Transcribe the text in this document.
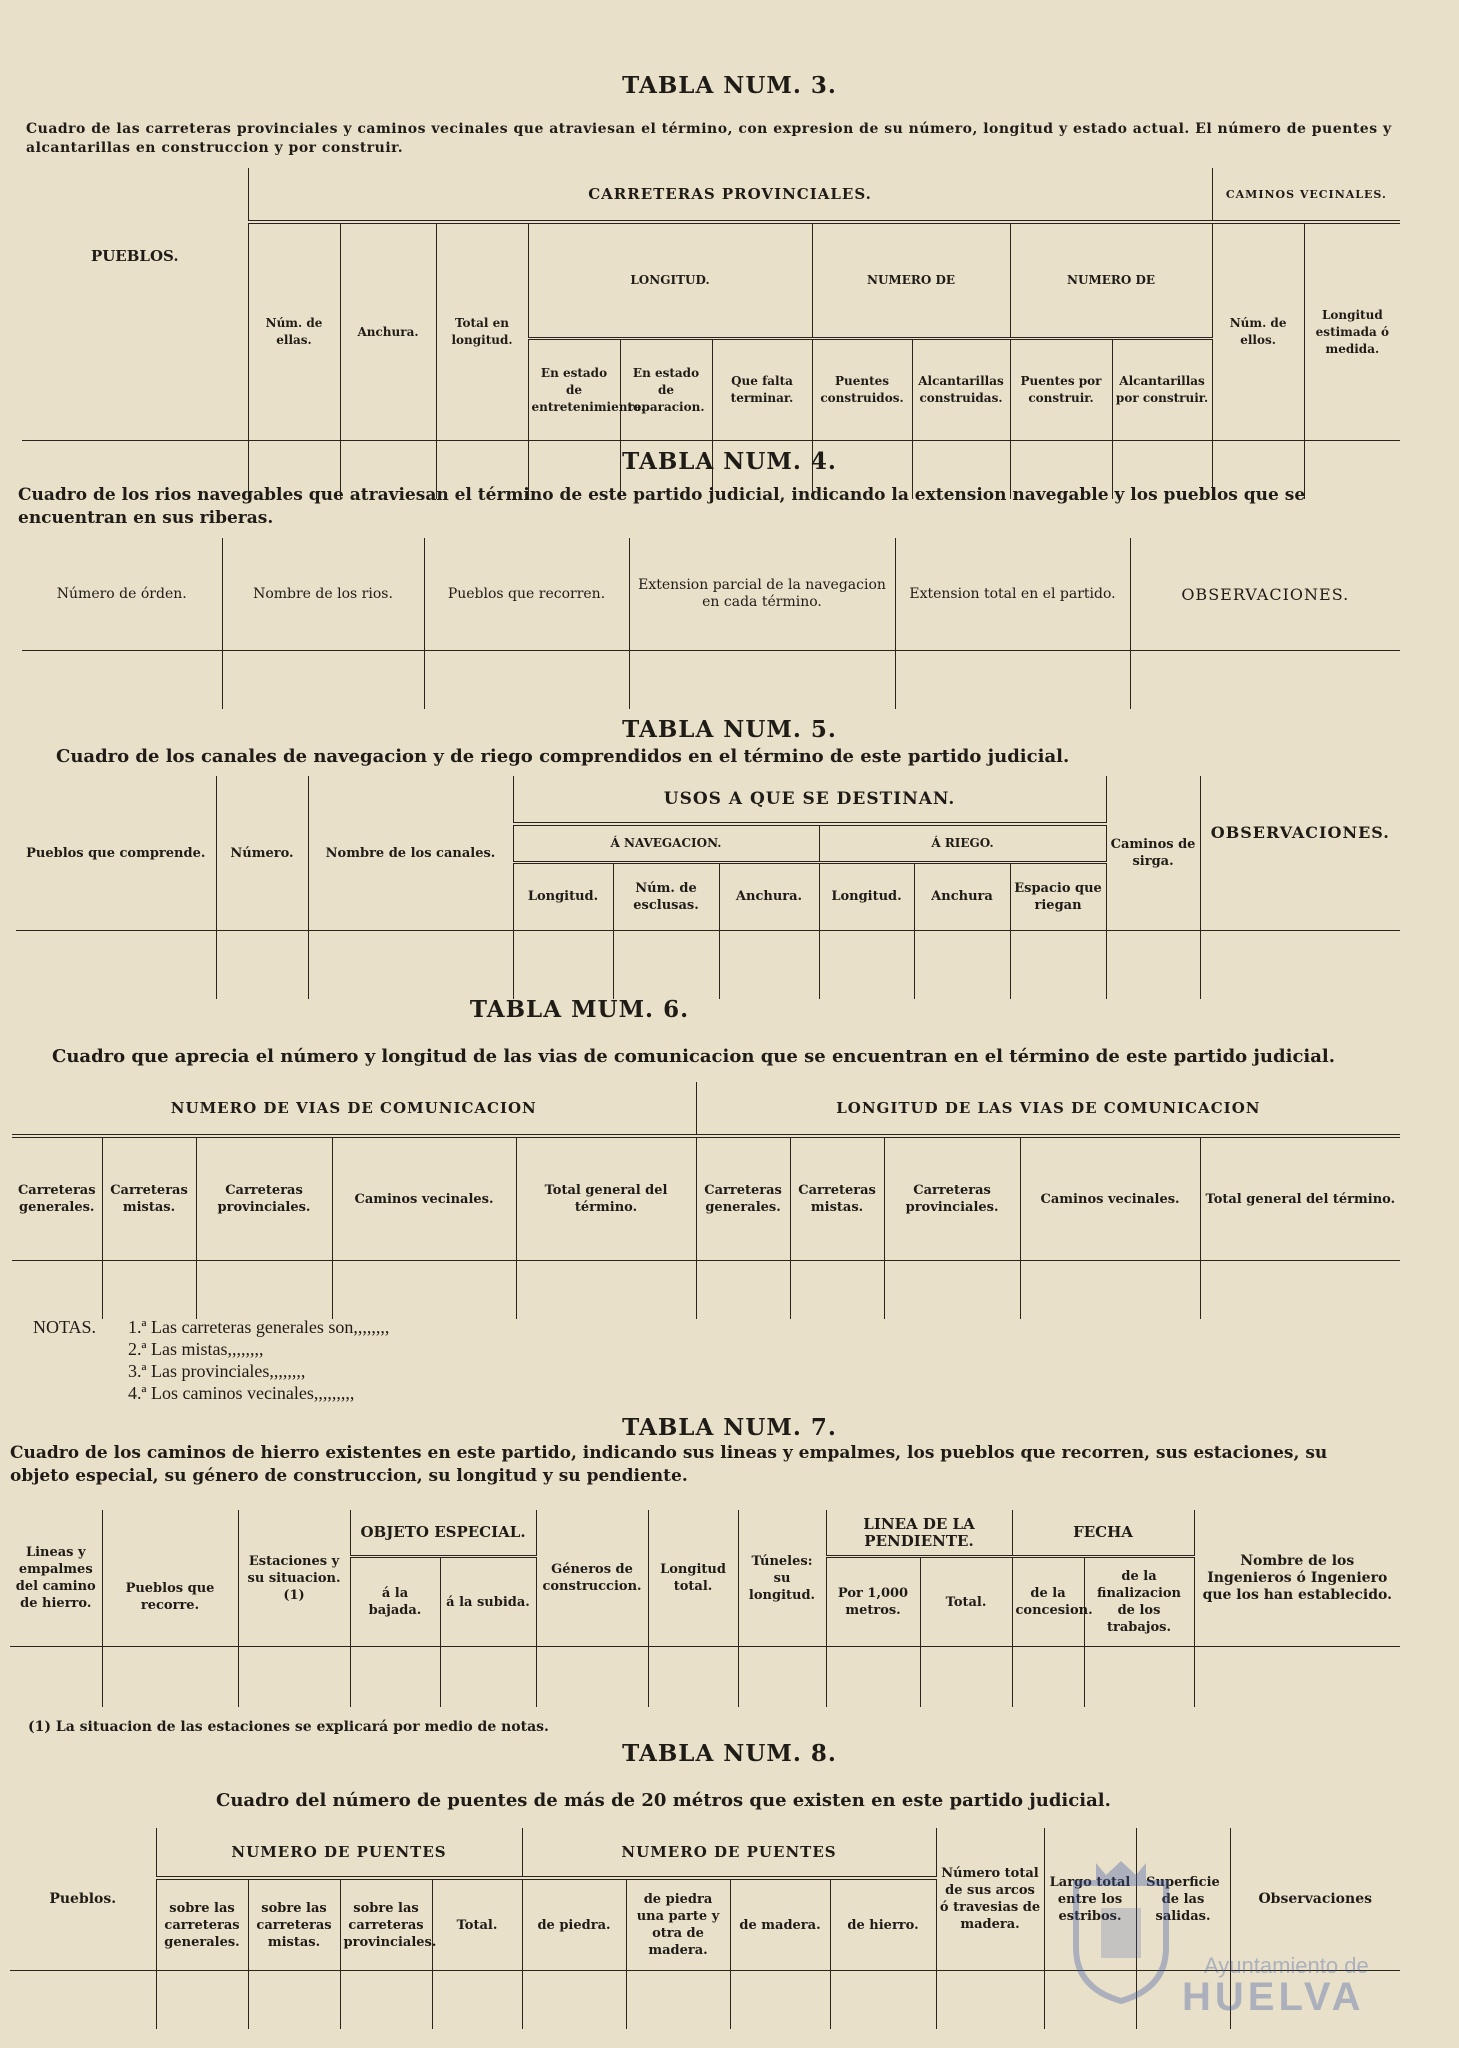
TABLA NUM. 3.
Cuadro de las carreteras provinciales y caminos vecinales que atraviesan el término, con expresion de su número, longitud y estado actual. El número de puentes y alcantarillas en construccion y por construir.
PUEBLOS.	CARRETERAS PROVINCIALES.										CAMINOS VECINALES.	
	Núm. de ellas.	Anchura.	Total en longitud.	LONGITUD.			NUMERO DE		NUMERO DE		Núm. de ellos.	Longitud estimada ó medida.
				En estado de entretenimiento.	En estado de reparacion.	Que falta terminar.	Puentes construidos.	Alcantarillas construidas.	Puentes por construir.	Alcantarillas por construir.		

TABLA NUM. 4.
Cuadro de los rios navegables que atraviesan el término de este partido judicial, indicando la extension navegable y los pueblos que se encuentran en sus riberas.
Número de órden.	Nombre de los rios.	Pueblos que recorren.	Extension parcial de la navegacion en cada término.	Extension total en el partido.	OBSERVACIONES.

TABLA NUM. 5.
Cuadro de los canales de navegacion y de riego comprendidos en el término de este partido judicial.
Pueblos que comprende.	Número.	Nombre de los canales.	USOS A QUE SE DESTINAN.						Caminos de sirga.	OBSERVACIONES.
			Á NAVEGACION.			Á RIEGO.				
			Longitud.	Núm. de esclusas.	Anchura.	Longitud.	Anchura	Espacio que riegan		

TABLA MUM. 6.
Cuadro que aprecia el número y longitud de las vias de comunicacion que se encuentran en el término de este partido judicial.
NUMERO DE VIAS DE COMUNICACION					LONGITUD DE LAS VIAS DE COMUNICACION				
Carreteras generales.	Carreteras mistas.	Carreteras provinciales.	Caminos vecinales.	Total general del término.	Carreteras generales.	Carreteras mistas.	Carreteras provinciales.	Caminos vecinales.	Total general del término.

NOTAS. 1.ª Las carreteras generales son,,,,,,,,
2.ª Las mistas,,,,,,,,
3.ª Las provinciales,,,,,,,,
4.ª Los caminos vecinales,,,,,,,,,
TABLA NUM. 7.
Cuadro de los caminos de hierro existentes en este partido, indicando sus lineas y empalmes, los pueblos que recorren, sus estaciones, su objeto especial, su género de construccion, su longitud y su pendiente.
Lineas y empalmes del camino de hierro.	Pueblos que recorre.	Estaciones y su situacion. (1)	OBJETO ESPECIAL.		Géneros de construccion.	Longitud total.	Túneles: su longitud.	LINEA DE LA PENDIENTE.		FECHA		Nombre de los Ingenieros ó Ingeniero que los han establecido.
			á la bajada.	á la subida.				Por 1,000 metros.	Total.	de la concesion.	de la finalizacion de los trabajos.	

(1) La situacion de las estaciones se explicará por medio de notas.
TABLA NUM. 8.
Cuadro del número de puentes de más de 20 métros que existen en este partido judicial.
Pueblos.	NUMERO DE PUENTES				NUMERO DE PUENTES				Número total de sus arcos ó travesias de madera.	Largo total entre los estribos.	Superficie de las salidas.	Observaciones
	sobre las carreteras generales.	sobre las carreteras mistas.	sobre las carreteras provinciales.	Total.	de piedra.	de piedra una parte y otra de madera.	de madera.	de hierro.				

Ayuntamiento de
HUELVA
